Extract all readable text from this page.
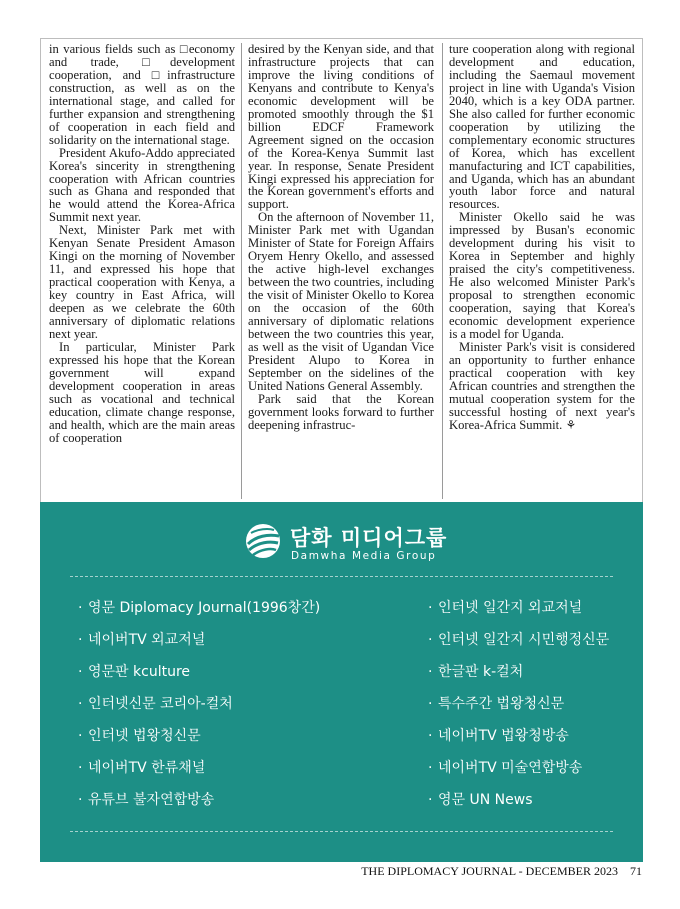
in various fields such as □economy and trade, □development cooperation, and □infrastructure construction, as well as on the international stage, and called for further expansion and strengthening of cooperation in each field and solidarity on the international stage.

President Akufo-Addo appreciated Korea's sincerity in strengthening cooperation with African countries such as Ghana and responded that he would attend the Korea-Africa Summit next year.

Next, Minister Park met with Kenyan Senate President Amason Kingi on the morning of November 11, and expressed his hope that practical cooperation with Kenya, a key country in East Africa, will deepen as we celebrate the 60th anniversary of diplomatic relations next year.

In particular, Minister Park expressed his hope that the Korean government will expand development cooperation in areas such as vocational and technical education, climate change response, and health, which are the main areas of cooperation

desired by the Kenyan side, and that infrastructure projects that can improve the living conditions of Kenyans and contribute to Kenya's economic development will be promoted smoothly through the $1 billion EDCF Framework Agreement signed on the occasion of the Korea-Kenya Summit last year. In response, Senate President Kingi expressed his appreciation for the Korean government's efforts and support.

On the afternoon of November 11, Minister Park met with Ugandan Minister of State for Foreign Affairs Oryem Henry Okello, and assessed the active high-level exchanges between the two countries, including the visit of Minister Okello to Korea on the occasion of the 60th anniversary of diplomatic relations between the two countries this year, as well as the visit of Ugandan Vice President Alupo to Korea in September on the sidelines of the United Nations General Assembly.

Park said that the Korean government looks forward to further deepening infrastruc-

ture cooperation along with regional development and education, including the Saemaul movement project in line with Uganda's Vision 2040, which is a key ODA partner. She also called for further economic cooperation by utilizing the complementary economic structures of Korea, which has excellent manufacturing and ICT capabilities, and Uganda, which has an abundant youth labor force and natural resources.

Minister Okello said he was impressed by Busan's economic development during his visit to Korea in September and highly praised the city's competitiveness. He also welcomed Minister Park's proposal to strengthen economic cooperation, saying that Korea's economic development experience is a model for Uganda.

Minister Park's visit is considered an opportunity to further enhance practical cooperation with key African countries and strengthen the mutual cooperation system for the successful hosting of next year's Korea-Africa Summit. ⚘

담화 미디어그룹
Damwha Media Group
· 영문 Diplomacy Journal(1996창간)
· 네이버TV 외교저널
· 영문판 kculture
· 인터넷신문 코리아-컬처
· 인터넷 법왕청신문
· 네이버TV 한류채널
· 유튜브 불자연합방송
· 인터넷 일간지 외교저널
· 인터넷 일간지 시민행정신문
· 한글판 k-컬처
· 특수주간 법왕청신문
· 네이버TV 법왕청방송
· 네이버TV 미술연합방송
· 영문 UN News
THE DIPLOMACY JOURNAL - DECEMBER 2023 71
